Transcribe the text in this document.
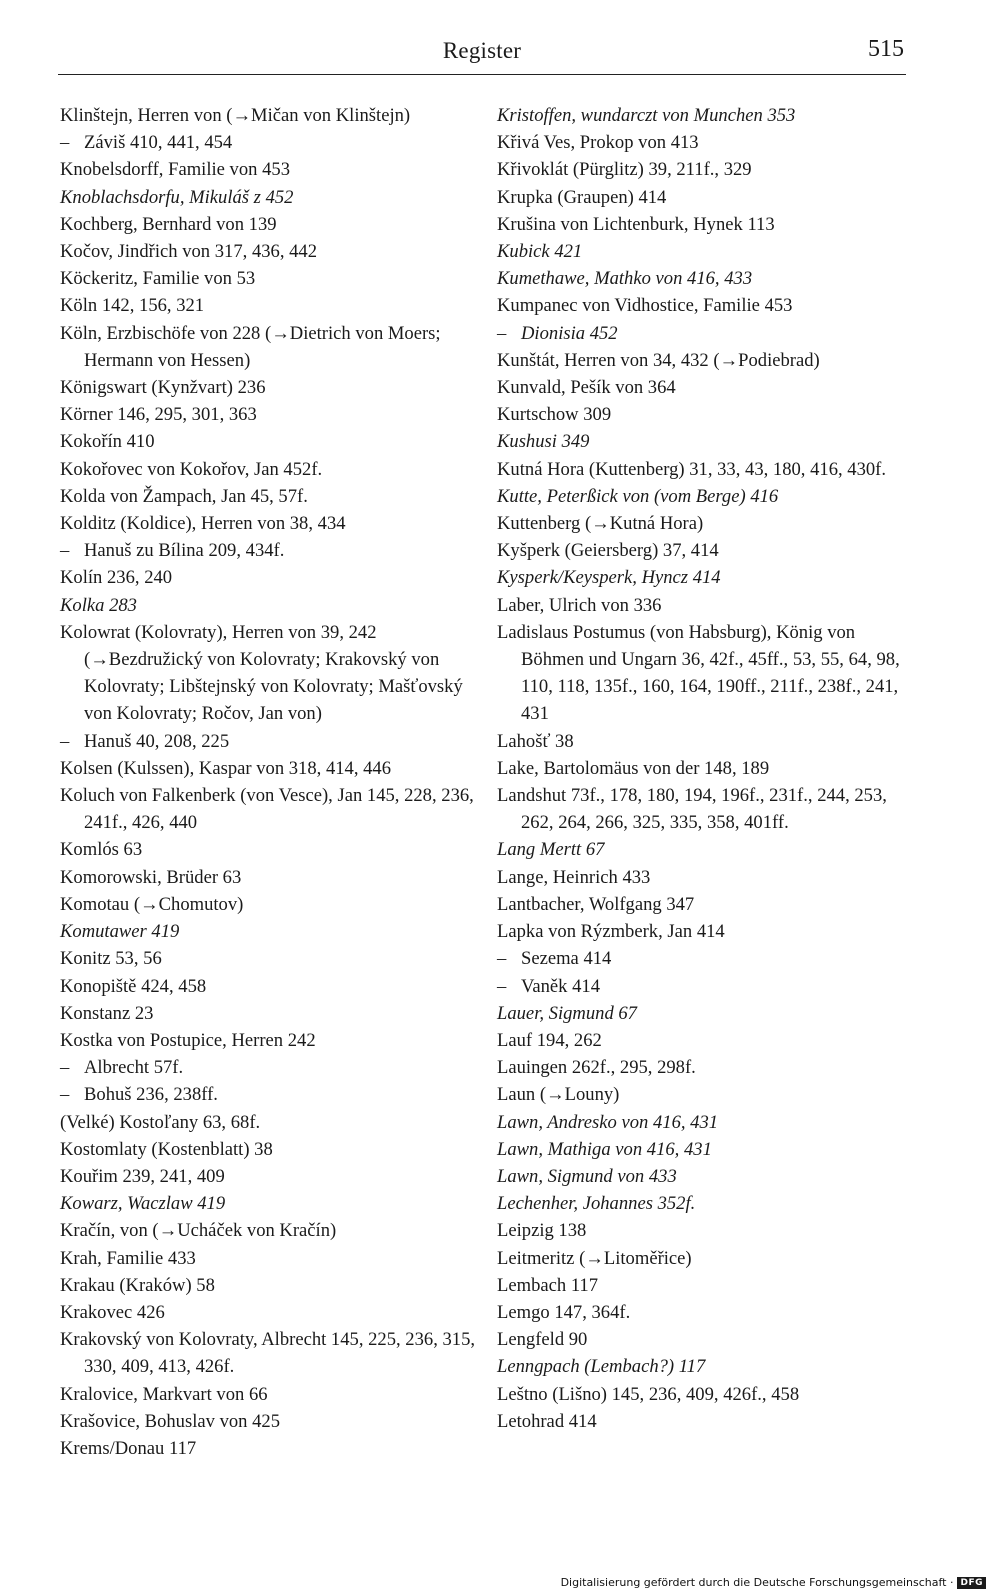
Register	515
Klinštejn, Herren von (→Mičan von Klinštejn)
– Záviš 410, 441, 454
Knobelsdorff, Familie von 453
Knoblachsdorfu, Mikuláš z 452
Kochberg, Bernhard von 139
Kočov, Jindřich von 317, 436, 442
Köckeritz, Familie von 53
Köln 142, 156, 321
Köln, Erzbischöfe von 228 (→Dietrich von Moers; Hermann von Hessen)
Königswart (Kynžvart) 236
Körner 146, 295, 301, 363
Kokořín 410
Kokořovec von Kokořov, Jan 452f.
Kolda von Žampach, Jan 45, 57f.
Kolditz (Koldice), Herren von 38, 434
– Hanuš zu Bílina 209, 434f.
Kolín 236, 240
Kolka 283
Kolowrat (Kolovraty), Herren von 39, 242 (→Bezdružický von Kolovraty; Krakovský von Kolovraty; Libštejnský von Kolovraty; Mašťovský von Kolovraty; Ročov, Jan von)
– Hanuš 40, 208, 225
Kolsen (Kulssen), Kaspar von 318, 414, 446
Koluch von Falkenberk (von Vesce), Jan 145, 228, 236, 241f., 426, 440
Komlós 63
Komorowski, Brüder 63
Komotau (→Chomutov)
Komutawer 419
Konitz 53, 56
Konopiště 424, 458
Konstanz 23
Kostka von Postupice, Herren 242
– Albrecht 57f.
– Bohuš 236, 238ff.
(Velké) Kostoľany 63, 68f.
Kostomlaty (Kostenblatt) 38
Kouřim 239, 241, 409
Kowarz, Waczlaw 419
Kračín, von (→Ucháček von Kračín)
Krah, Familie 433
Krakau (Kraków) 58
Krakovec 426
Krakovský von Kolovraty, Albrecht 145, 225, 236, 315, 330, 409, 413, 426f.
Kralovice, Markvart von 66
Krašovice, Bohuslav von 425
Krems/Donau 117
Kristoffen, wundarczt von Munchen 353
Křivá Ves, Prokop von 413
Křivoklát (Pürglitz) 39, 211f., 329
Krupka (Graupen) 414
Krušina von Lichtenburk, Hynek 113
Kubick 421
Kumethawe, Mathko von 416, 433
Kumpanec von Vidhostice, Familie 453
– Dionisia 452
Kunštát, Herren von 34, 432 (→Podiebrad)
Kunvald, Pešík von 364
Kurtschow 309
Kushusi 349
Kutná Hora (Kuttenberg) 31, 33, 43, 180, 416, 430f.
Kutte, Peterßick von (vom Berge) 416
Kuttenberg (→Kutná Hora)
Kyšperk (Geiersberg) 37, 414
Kysperk/Keysperk, Hyncz 414
Laber, Ulrich von 336
Ladislaus Postumus (von Habsburg), König von Böhmen und Ungarn 36, 42f., 45ff., 53, 55, 64, 98, 110, 118, 135f., 160, 164, 190ff., 211f., 238f., 241, 431
Lahošť 38
Lake, Bartolomäus von der 148, 189
Landshut 73f., 178, 180, 194, 196f., 231f., 244, 253, 262, 264, 266, 325, 335, 358, 401ff.
Lang Mertt 67
Lange, Heinrich 433
Lantbacher, Wolfgang 347
Lapka von Rýzmberk, Jan 414
– Sezema 414
– Vaněk 414
Lauer, Sigmund 67
Lauf 194, 262
Lauingen 262f., 295, 298f.
Laun (→Louny)
Lawn, Andresko von 416, 431
Lawn, Mathiga von 416, 431
Lawn, Sigmund von 433
Lechenher, Johannes 352f.
Leipzig 138
Leitmeritz (→Litoměřice)
Lembach 117
Lemgo 147, 364f.
Lengfeld 90
Lenngpach (Lembach?) 117
Leštno (Lišno) 145, 236, 409, 426f., 458
Letohrad 414
Digitalisierung gefördert durch die Deutsche Forschungsgemeinschaft · DFG
